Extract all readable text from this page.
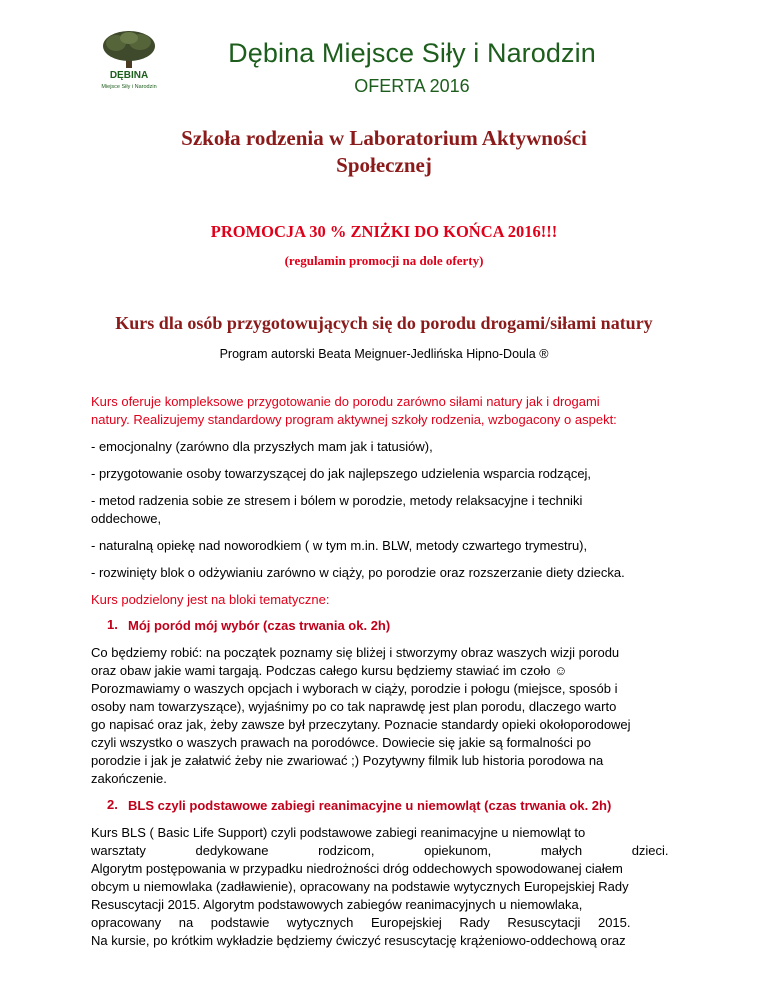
DĘBINA
Miejsce Siły i Narodzin
Dębina Miejsce Siły i Narodzin
OFERTA 2016
Szkoła rodzenia w Laboratorium Aktywności
Społecznej
PROMOCJA 30 % ZNIŻKI DO KOŃCA 2016!!!
(regulamin promocji na dole oferty)
Kurs dla osób przygotowujących się do porodu drogami/siłami natury
Program autorski Beata Meignuer-Jedlińska Hipno-Doula ®
Kurs oferuje kompleksowe przygotowanie do porodu zarówno siłami natury jak i drogami
natury. Realizujemy standardowy program aktywnej szkoły rodzenia, wzbogacony o aspekt:
- emocjonalny (zarówno dla przyszłych mam jak i tatusiów),
- przygotowanie osoby towarzyszącej do jak najlepszego udzielenia wsparcia rodzącej,
- metod radzenia sobie ze stresem i bólem w porodzie, metody relaksacyjne i techniki
oddechowe,
- naturalną opiekę nad noworodkiem ( w tym m.in. BLW, metody czwartego trymestru),
- rozwinięty blok o odżywianiu zarówno w ciąży, po porodzie oraz rozszerzanie diety dziecka.
Kurs podzielony jest na bloki tematyczne:
1. Mój poród mój wybór (czas trwania ok. 2h)
Co będziemy robić: na początek poznamy się bliżej i stworzymy obraz waszych wizji porodu
oraz obaw jakie wami targają. Podczas całego kursu będziemy stawiać im czoło ☺
Porozmawiamy o waszych opcjach i wyborach w ciąży, porodzie i połogu (miejsce, sposób i
osoby nam towarzyszące), wyjaśnimy po co tak naprawdę jest plan porodu, dlaczego warto
go napisać oraz jak, żeby zawsze był przeczytany. Poznacie standardy opieki okołoporodowej
czyli wszystko o waszych prawach na porodówce. Dowiecie się jakie są formalności po
porodzie i jak je załatwić żeby nie zwariować ;) Pozytywny filmik lub historia porodowa na
zakończenie.
2. BLS czyli podstawowe zabiegi reanimacyjne u niemowląt (czas trwania ok. 2h)
Kurs BLS ( Basic Life Support) czyli podstawowe zabiegi reanimacyjne u niemowląt to
warsztaty dedykowane rodzicom, opiekunom, małych dzieci.
Algorytm postępowania w przypadku niedrożności dróg oddechowych spowodowanej ciałem
obcym u niemowlaka (zadławienie), opracowany na podstawie wytycznych Europejskiej Rady
Resuscytacji 2015. Algorytm podstawowych zabiegów reanimacyjnych u niemowlaka,
opracowany na podstawie wytycznych Europejskiej Rady Resuscytacji 2015.
Na kursie, po krótkim wykładzie będziemy ćwiczyć resuscytację krążeniowo-oddechową oraz
